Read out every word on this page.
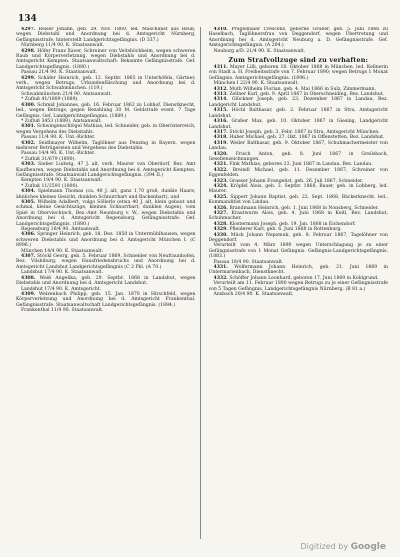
134

4297. Reiser Johann, geb. 29. Nov. 1869, led. Maschinist aus Reuß, wegen Diebstahl und Anordnung bei d. Amtsgericht Nürnberg. Gefängnisstrafe, hinterstellt Landgerichtsgefängnis. (D 337.)

Nürnberg 11/4 90. K. Staatsanwalt.

4298. Höfer Franz Xaver, Schreiner von Veitshöchheim, wegen schweren Raub und Körperverletzung, wegen Diebstahls und Anordnung bei d. Amtsgericht Kempten. Staatsanwaltschaft: Bekannte Gefängnisstrafe. Gef. Landgerichtsgefängnis. (1880.)

Passau 21/4 90. K. Staatsanwalt.

4299. Schäfer Heinrich, geb. 12. Septbr. 1865 in Unterhöfels, Gärtner, verh., wegen Betrugs, Urkundenfälschung und Anordnung bei d. Amtsgericht Schwabmünchen. (119.)

Schwabmünchen 21/4 90. Amtsanwalt.

* Zufluß 41/1889 (1889).

4300. Schmid Johannes, geb. 16. Februar 1862 zu Lohhof, Dienstknecht, led., wegen Betrugs, gegen Bezahlung 30 M. Geldstrafe event. 7 Tage Gefängnis. Gef. Landgerichtsgefängnis. (1889.)

* Zufluß 3453 (1889). Amtsanwalt.

4301. Schwingenschlögel Mathias, led. Schneider, geb. in Oberösterreich, wegen Vergehens des Diebstahls.

Passau 11/4 90. K. Unt.-Richter.

4302. Seidlmayer Wilhelm, Taglöhner aus Penzing in Bayern, wegen mehrerer Betrügereien und Vergehens des Diebstahls.

Passau 14/4 90. K. Unt.-Richter.

* Zufluß 31/679 (1890).

4303. Sieber Ludwig, 47 J. alt, verh. Maurer von Oberdorf, Bez. Amt Kaufbeuren, wegen Diebstahls und Anordnung bei d. Amtsgericht Kempten. Gefängnisstrafe. Staatsanwalt Landgerichtsgefängnis. (394 II.)

Kempten 19/4 90. K. Staatsanwalt.

* Zufluß 11/2591 (1890).

4304. Spielmann Thomas (ca. 40 J. alt, ganz 1,70 groß, dunkle Haare, ähnliches kleines Gesicht, dunklen Schnurrbart und Backenbart), und

4305. Wilhelm Adalbert, vulgo Söllerle (etwa 40 J. alt, klein gebaut und schmal, kleine Gesichtszüge, kleinen Schnurrbart, dunklen Augen), vom Spiel in Oberviechtach, Bez.-Amt Neunburg v. W., wegen Diebstahls und Anordnung bei d. Amtsgericht Regensburg. Gefängnisstrafe. Gef. Landgerichtsgefängnis. (1880.)

Regensburg 16/4 90. Amtsanwalt.

4306. Springer Heinrich, geb. 18. Dez. 1850 in Untermühlhausen, wegen schweren Diebstahls und Anordnung bei d. Amtsgericht München I. (C 8996.)

München 14/4 90. K. Staatsanwalt.

4307. Stöckl Georg, geb. 5. Februar 1869, Schneider von Neufraunhofen, Bez. Vilsbiburg, wegen Hausfriedensbruchs und Anordnung bei d. Amtsgericht Landshut Landgerichtsgefängnis (C 2 Pkl. (A 70.)

Landshut 17/4 90. K. Staatsanwalt.

4308. Weiß Angelika, geb. 29. Septbr. 1868 in Landshut, wegen Diebstahls und Anordnung bei d. Amtsgericht Landshut.

Landshut 17/4 90. K. Amtsgericht.

4309. Welzenbach Philipp, geb. 15. Jan. 1870 in Hirschfeld, wegen Körperverletzung und Anordnung bei d. Amtsgericht Frankenthal. Gefängnisstrafe. Staatsanwaltschaft Landgerichtsgefängnis. (1884.)

Frankenthal 11/4 90. Staatsanwalt.

4310. Prügelmaier Crescenz, geborne Gruber, geb. 5. Juni 1866 zu Haselbach, Taglöhnersfrau von Deggendorf, wegen Übertretung und Anordnung bei d. Amtsgericht Neuburg a. D. Gefängnisstrafe. Gef. Amtsgerichtsgefängnis. (A 204.)

Neuburg a/D. 21/4 90. K. Staatsanwalt.

Zum Strafvollzuge sind zu verhaften:

4311. Mayer Lilli, geboren 18. Oktober 1868 in München, led. Kellnerin von Stadt a. H. Freiheitsstrafe von 7. Februar 1890; wegen Betrugs 1 Monat Gefängnis. Amtsgerichtsgefängnis. (1896.)

München I 22/4 90. K. Staatsanwalt.

4312. Muth Wilhelm Florian, geb. 4. Mai 1866 in Sulz, Zimmermann.

4313. Zellner Karl, geb. 9. April 1867 in Oberschneiding, Bez. Landshut.

4314. Glückner Joseph, geb. 23. Dezember 1867 in Landau, Bez. Landgericht Landshut.

4315. Höchl Balthasar, geb. 2. Februar 1867 in Stra, Amtsgericht Landshut.

4316. Gruber Max, geb. 10. Oktober 1867 in Giesing, Landgericht Landshut.

4317. Stöckl Joseph, geb. 3. Febr. 1867 in Stra, Amtsgericht München.

4318. Huber Michael, geb. 27. Okt. 1867 in Offenstetten, Bez. Landshut.

4319. Weiler Balthasar, geb. 9. Oktober 1867, Schuhmachermeister von Landau.

4320. Frisch Anton, geb. 8. Juni 1867 in Greilsbach, Gesellenzeichnungen.

4321. Fink Mathias, geboren 23. Juni 1867 in Landau, Bez. Landau.

4322. Breindl Michael, geb. 11. Dezember 1867, Schreiner von Eggenfelden.

4323. Graeser Johann Evangelist, geb. 26. Juli 1867, Schneider.

4324. Kröpfel Alois, geb. 3. Septbr. 1868, Bauer, geb. in Lohberg, led. Maurer.

4325. Sippert Johann Baptist, geb. 22. Sept. 1868, Bäckerknecht, led., Kommanditist von Lindau.

4326. Brandmann Heinrich, geb. 1. Juni 1868 in Nonsberg, Schneider.

4327. Krautwurm Alois, geb. 4. Juni 1868 in Keitl, Bez. Landshut, Schuhmacher.

4328. Klostermann Joseph, geb. 19. Jan. 1868 in Eichendorf.

4329. Pfleiderer Karl, geb. 6. Juni 1868 in Rottenburg.

4330. Mück Johann Nepomuk, geb. 8. Februar 1867, Tagelöhner von Deggendorf.

Verurteilt vom 4. März 1890 wegen Unterschlagung je zu einer Gefängnisstrafe von 1 Monat Gefängnis. Gefängnis-Landgerichtsgefängnis. (1883.)

Passau 18/4 90. Staatsanwalt.

4331. Wolfermann Johann Heinrich, geb. 21. Juni 1869 in Untermarienbach, Dienstknecht.

4332. Schöffer Johann Leonhard, geboren 17. Juni 1869 in Kohlgrund.

Verurteilt am 11. Februar 1890 wegen Betrugs zu je einer Gefängnisstrafe von 5 Tagen Gefängnis. Landgerichtsgefängnis Nürnberg. (B 81 a.)

Ansbach 20/4 90. K. Staatsanwalt.

Digitized by Google
